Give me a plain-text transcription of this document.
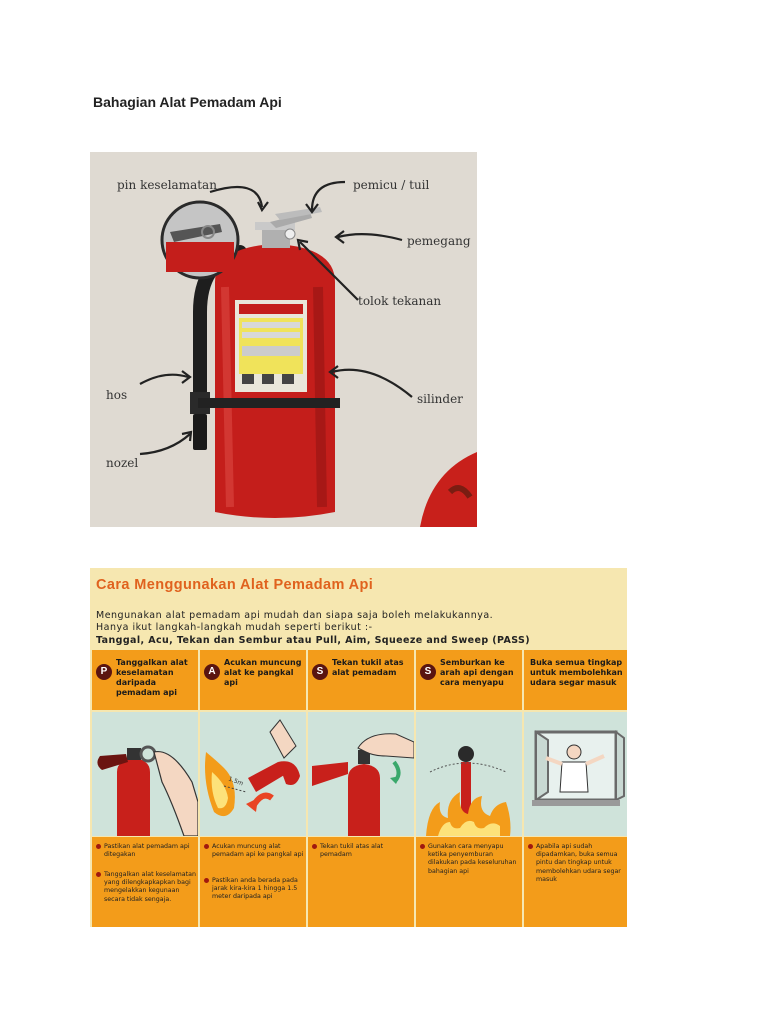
Bahagian Alat Pemadam Api
pin keselamatan	pemicu / tuil
pemegang
tolok tekanan
hos	silinder
nozel
Cara Menggunakan Alat Pemadam Api
Mengunakan alat pemadam api mudah dan siapa saja boleh melakukannya.
Hanya ikut langkah-langkah mudah seperti berikut :-
Tanggal, Acu, Tekan dan Sembur atau Pull, Aim, Squeeze and Sweep (PASS)
P
Tanggalkan alat keselamatan daripada pemadam api
Pastikan alat pemadam api ditegakan
Tanggalkan alat keselamatan yang dilengkapkapkan bagi mengelakkan kegunaan secara tidak sengaja.
A
Acukan muncung alat ke pangkal api
1.5m
Acukan muncung alat pemadam api ke pangkal api
Pastikan anda berada pada jarak kira-kira 1 hingga 1.5 meter daripada api
S
Tekan tukil atas alat pemadam
Tekan tukil atas alat pemadam
S
Semburkan ke arah api dengan cara menyapu
Gunakan cara menyapu ketika penyemburan dilakukan pada keseluruhan bahagian api
Buka semua tingkap untuk membolehkan udara segar masuk
Apabila api sudah dipadamkan, buka semua pintu dan tingkap untuk membolehkan udara segar masuk
